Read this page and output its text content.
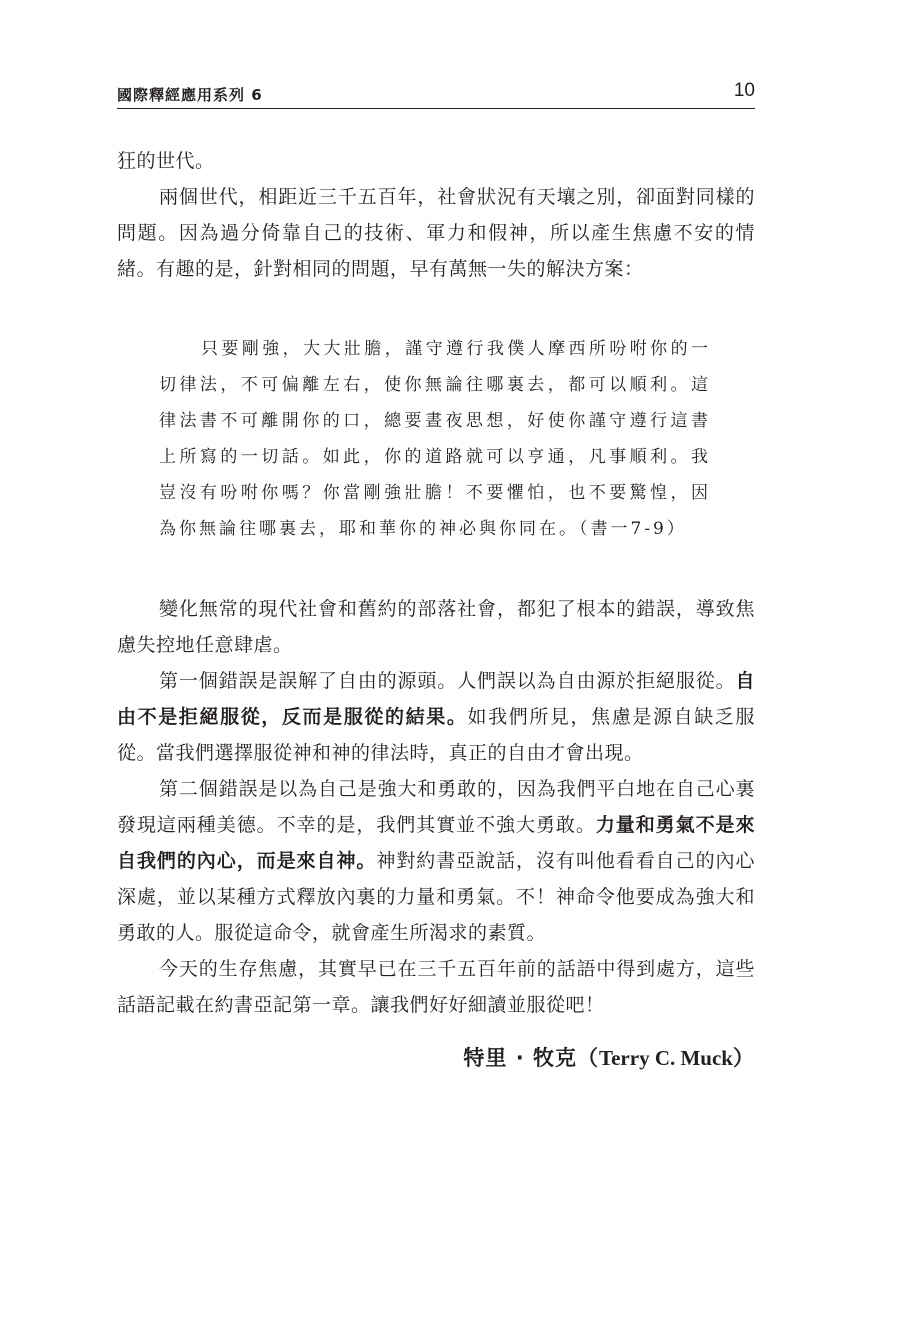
國際釋經應用系列 6	10

狂的世代。

兩個世代，相距近三千五百年，社會狀況有天壤之別，卻面對同樣的問題。因為過分倚靠自己的技術、軍力和假神，所以產生焦慮不安的情緒。有趣的是，針對相同的問題，早有萬無一失的解決方案：

只要剛強，大大壯膽，謹守遵行我僕人摩西所吩咐你的一切律法，不可偏離左右，使你無論往哪裏去，都可以順利。這律法書不可離開你的口，總要晝夜思想，好使你謹守遵行這書上所寫的一切話。如此，你的道路就可以亨通，凡事順利。我豈沒有吩咐你嗎？你當剛強壯膽！不要懼怕，也不要驚惶，因為你無論往哪裏去，耶和華你的神必與你同在。（書一7-9）

變化無常的現代社會和舊約的部落社會，都犯了根本的錯誤，導致焦慮失控地任意肆虐。

第一個錯誤是誤解了自由的源頭。人們誤以為自由源於拒絕服從。自由不是拒絕服從，反而是服從的結果。如我們所見，焦慮是源自缺乏服從。當我們選擇服從神和神的律法時，真正的自由才會出現。

第二個錯誤是以為自己是強大和勇敢的，因為我們平白地在自己心裏發現這兩種美德。不幸的是，我們其實並不強大勇敢。力量和勇氣不是來自我們的內心，而是來自神。神對約書亞說話，沒有叫他看看自己的內心深處，並以某種方式釋放內裏的力量和勇氣。不！神命令他要成為強大和勇敢的人。服從這命令，就會產生所渴求的素質。

今天的生存焦慮，其實早已在三千五百年前的話語中得到處方，這些話語記載在約書亞記第一章。讓我們好好細讀並服從吧！

特里 · 牧克（Terry C. Muck）
